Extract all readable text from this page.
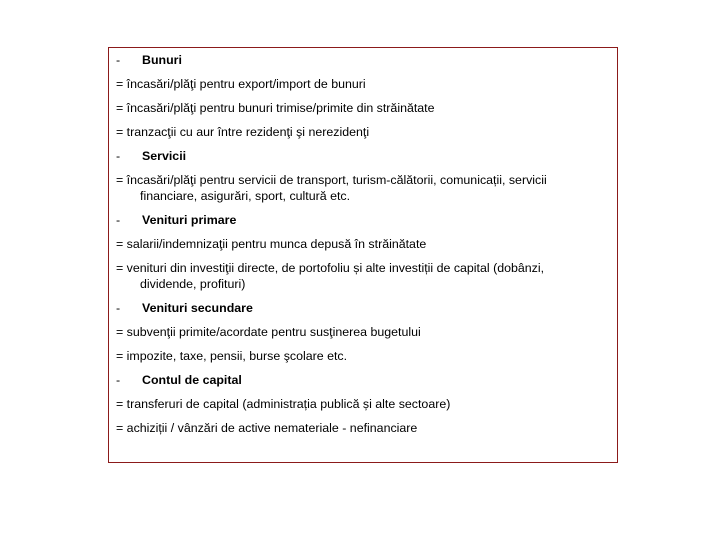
-	Bunuri
= încasări/plăţi pentru export/import de bunuri
= încasări/plăţi pentru bunuri trimise/primite din străinătate
= tranzacţii cu aur între rezidenţi şi nerezidenţi
-	Servicii
= încasări/plăţi pentru servicii de transport, turism-călătorii, comunicații, servicii
financiare, asigurări, sport, cultură etc.
-	Venituri primare
= salarii/indemnizaţii pentru munca depusă în străinătate
= venituri din investiţii directe, de portofoliu și alte investiții de capital (dobânzi,
dividende, profituri)
-	Venituri secundare
= subvenţii primite/acordate pentru susţinerea bugetului
= impozite, taxe, pensii, burse şcolare etc.
-	Contul de capital
= transferuri de capital (administrația publică și alte sectoare)
= achiziții / vânzări de active nemateriale - nefinanciare
